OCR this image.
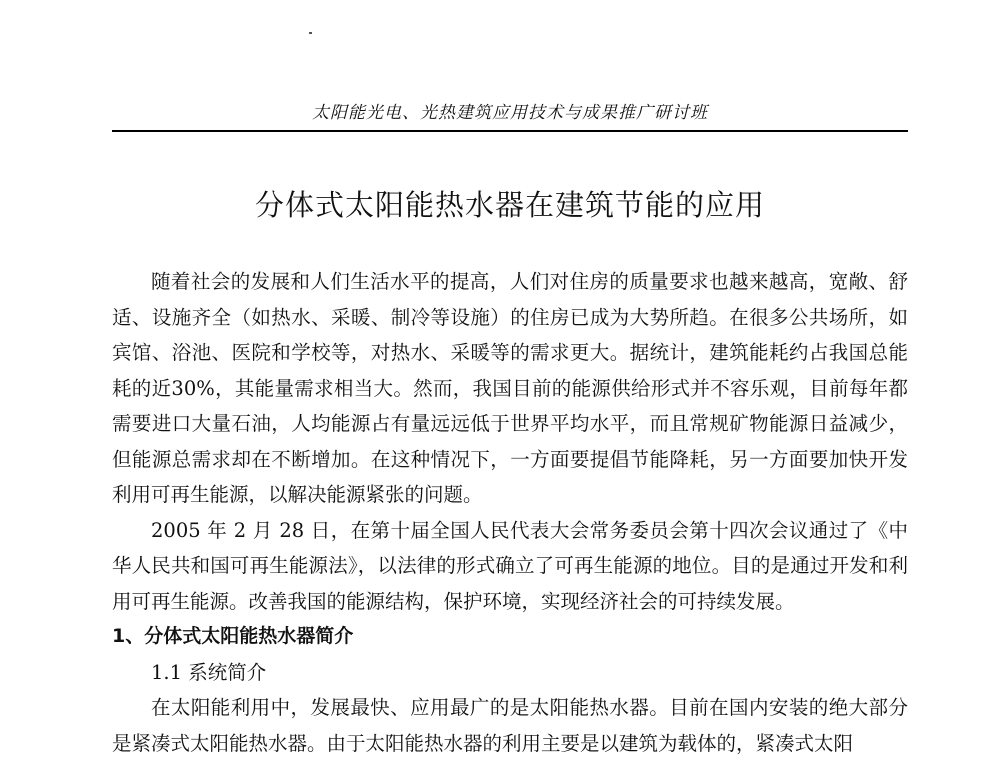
太阳能光电、光热建筑应用技术与成果推广研讨班
分体式太阳能热水器在建筑节能的应用

随着社会的发展和人们生活水平的提高，人们对住房的质量要求也越来越高，宽敞、舒适、设施齐全（如热水、采暖、制冷等设施）的住房已成为大势所趋。在很多公共场所，如宾馆、浴池、医院和学校等，对热水、采暖等的需求更大。据统计，建筑能耗约占我国总能耗的近30%，其能量需求相当大。然而，我国目前的能源供给形式并不容乐观，目前每年都需要进口大量石油，人均能源占有量远远低于世界平均水平，而且常规矿物能源日益减少，但能源总需求却在不断增加。在这种情况下，一方面要提倡节能降耗，另一方面要加快开发利用可再生能源，以解决能源紧张的问题。

2005 年 2 月 28 日，在第十届全国人民代表大会常务委员会第十四次会议通过了《中华人民共和国可再生能源法》，以法律的形式确立了可再生能源的地位。目的是通过开发和利用可再生能源。改善我国的能源结构，保护环境，实现经济社会的可持续发展。

1、分体式太阳能热水器简介
1.1 系统简介

在太阳能利用中，发展最快、应用最广的是太阳能热水器。目前在国内安装的绝大部分是紧凑式太阳能热水器。由于太阳能热水器的利用主要是以建筑为载体的，紧凑式太阳
